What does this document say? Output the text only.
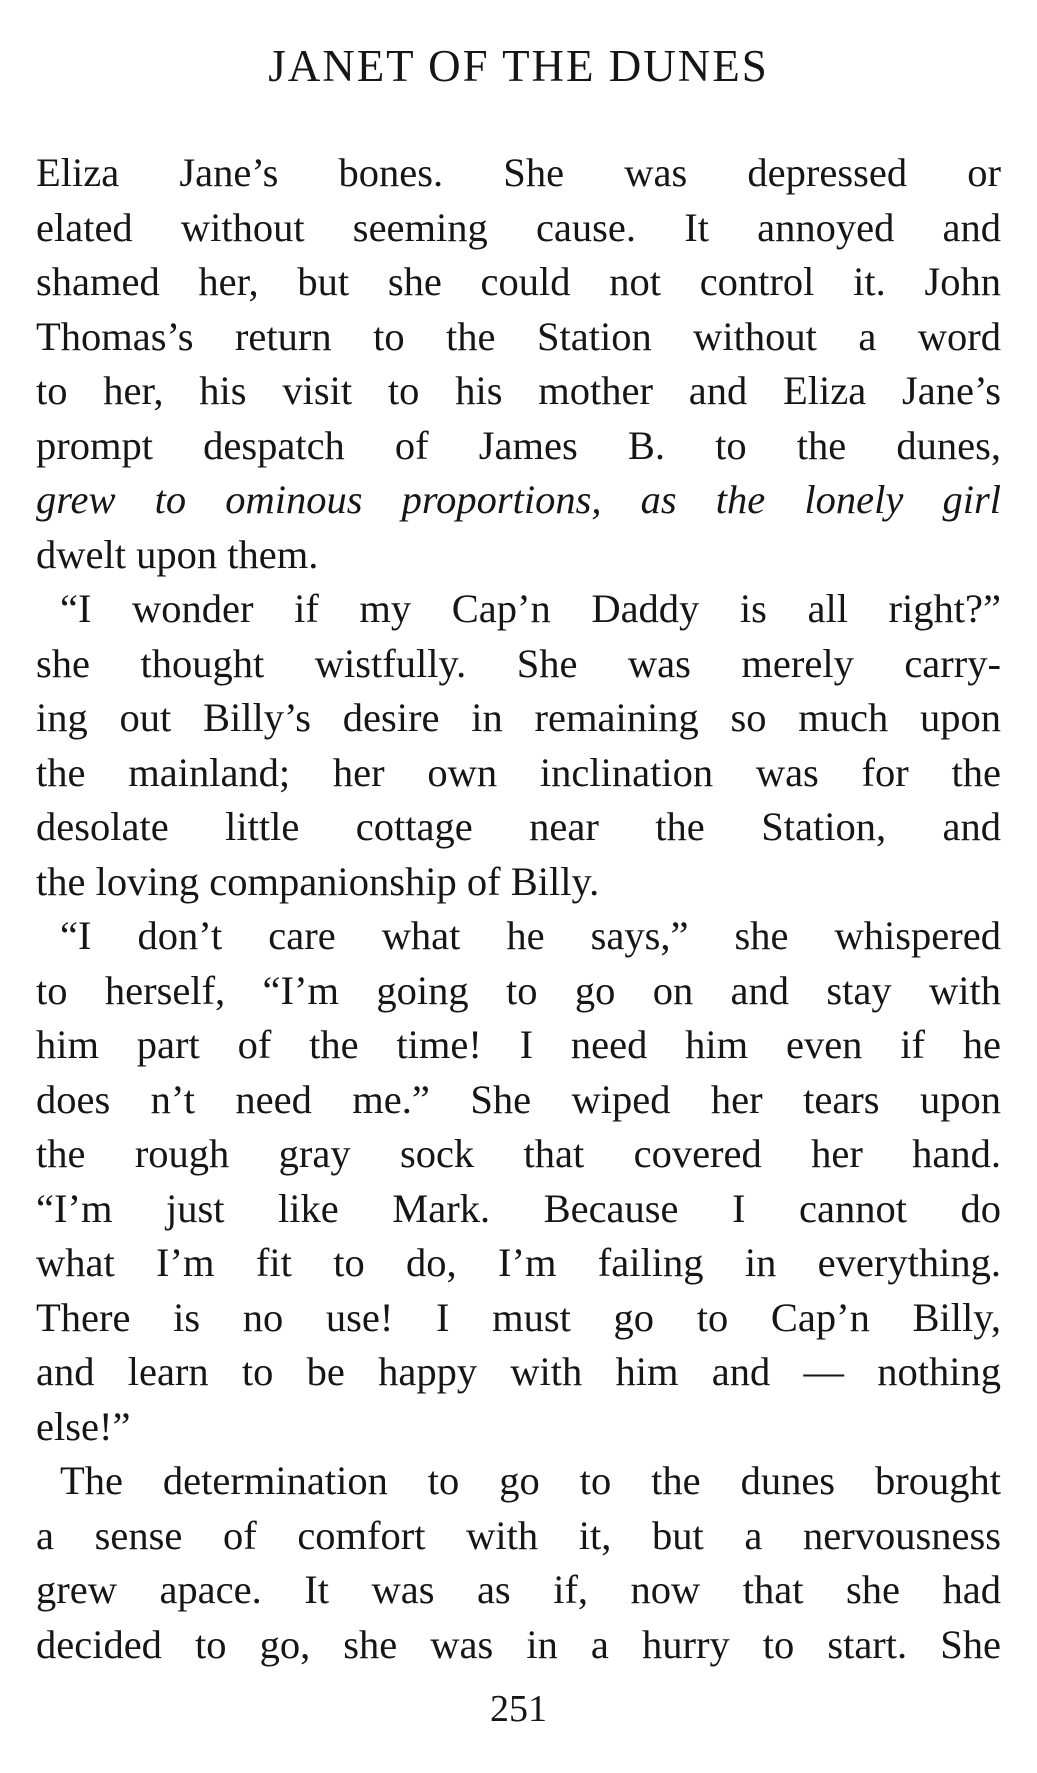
JANET OF THE DUNES
Eliza Jane’s bones. She was depressed or
elated without seeming cause. It annoyed and
shamed her, but she could not control it. John
Thomas’s return to the Station without a word
to her, his visit to his mother and Eliza Jane’s
prompt despatch of James B. to the dunes,
grew to ominous proportions, as the lonely girl
dwelt upon them.
“I wonder if my Cap’n Daddy is all right?”
she thought wistfully. She was merely carry-
ing out Billy’s desire in remaining so much upon
the mainland; her own inclination was for the
desolate little cottage near the Station, and
the loving companionship of Billy.
“I don’t care what he says,” she whispered
to herself, “I’m going to go on and stay with
him part of the time! I need him even if he
does n’t need me.” She wiped her tears upon
the rough gray sock that covered her hand.
“I’m just like Mark. Because I cannot do
what I’m fit to do, I’m failing in everything.
There is no use! I must go to Cap’n Billy,
and learn to be happy with him and — nothing
else!”
The determination to go to the dunes brought
a sense of comfort with it, but a nervousness
grew apace. It was as if, now that she had
decided to go, she was in a hurry to start. She
251
